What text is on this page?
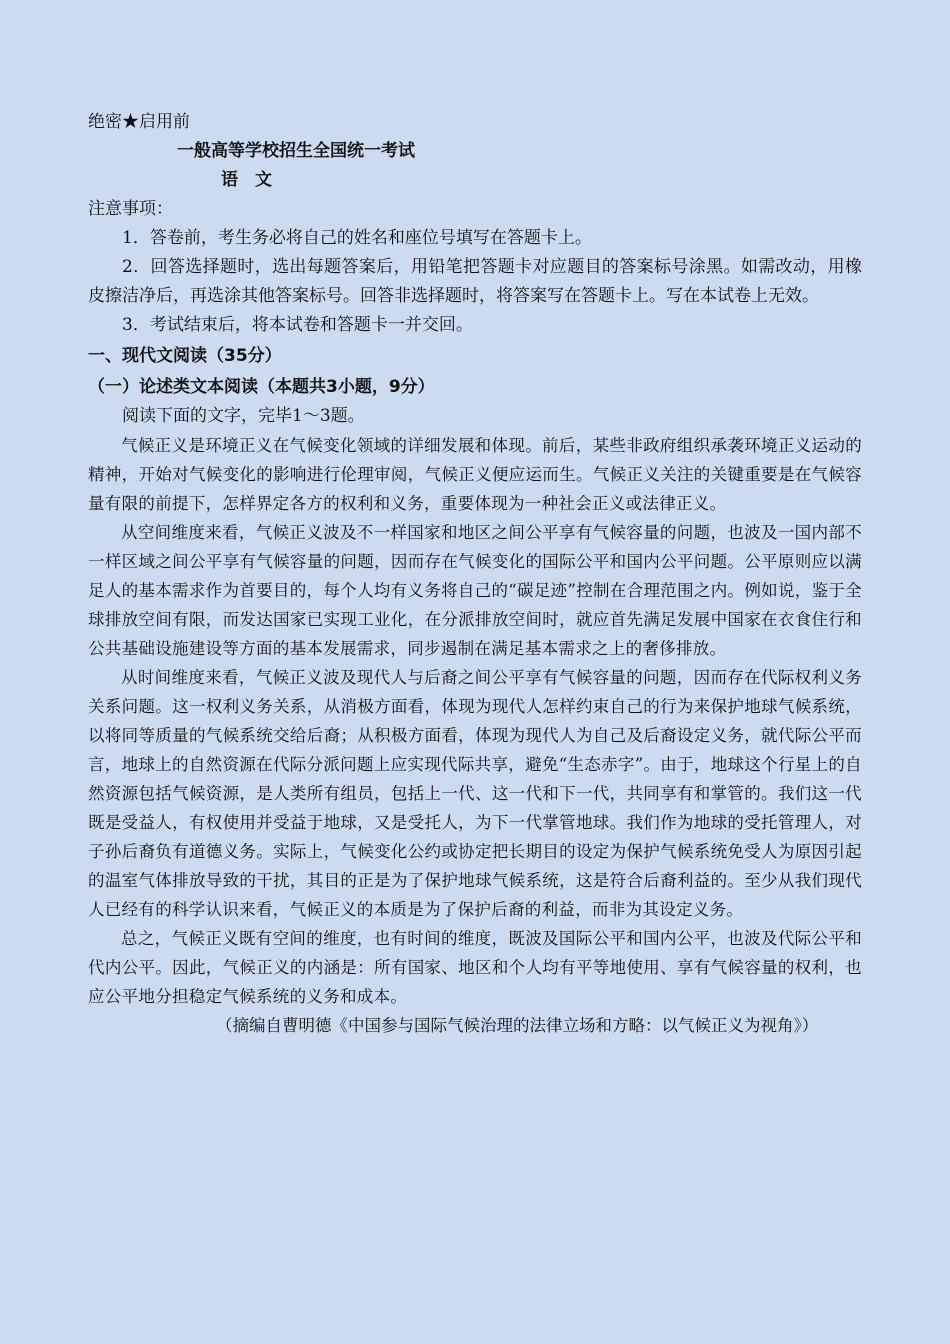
绝密★启用前
一般高等学校招生全国统一考试
语　文
注意事项：

1．答卷前，考生务必将自己的姓名和座位号填写在答题卡上。

2．回答选择题时，选出每题答案后，用铅笔把答题卡对应题目的答案标号涂黑。如需改动，用橡皮擦洁净后，再选涂其他答案标号。回答非选择题时，将答案写在答题卡上。写在本试卷上无效。

3．考试结束后，将本试卷和答题卡一并交回。

一、现代文阅读（35分）
（一）论述类文本阅读（本题共3小题，9分）

阅读下面的文字，完毕1～3题。

气候正义是环境正义在气候变化领域的详细发展和体现。前后，某些非政府组织承袭环境正义运动的精神，开始对气候变化的影响进行伦理审阅，气候正义便应运而生。气候正义关注的关键重要是在气候容量有限的前提下，怎样界定各方的权利和义务，重要体现为一种社会正义或法律正义。

从空间维度来看，气候正义波及不一样国家和地区之间公平享有气候容量的问题，也波及一国内部不一样区域之间公平享有气候容量的问题，因而存在气候变化的国际公平和国内公平问题。公平原则应以满足人的基本需求作为首要目的，每个人均有义务将自己的“碳足迹”控制在合理范围之内。例如说，鉴于全球排放空间有限，而发达国家已实现工业化，在分派排放空间时，就应首先满足发展中国家在衣食住行和公共基础设施建设等方面的基本发展需求，同步遏制在满足基本需求之上的奢侈排放。

从时间维度来看，气候正义波及现代人与后裔之间公平享有气候容量的问题，因而存在代际权利义务关系问题。这一权利义务关系，从消极方面看，体现为现代人怎样约束自己的行为来保护地球气候系统，以将同等质量的气候系统交给后裔；从积极方面看，体现为现代人为自己及后裔设定义务，就代际公平而言，地球上的自然资源在代际分派问题上应实现代际共享，避免“生态赤字”。由于，地球这个行星上的自然资源包括气候资源，是人类所有组员，包括上一代、这一代和下一代，共同享有和掌管的。我们这一代既是受益人，有权使用并受益于地球，又是受托人，为下一代掌管地球。我们作为地球的受托管理人，对子孙后裔负有道德义务。实际上，气候变化公约或协定把长期目的设定为保护气候系统免受人为原因引起的温室气体排放导致的干扰，其目的正是为了保护地球气候系统，这是符合后裔利益的。至少从我们现代人已经有的科学认识来看，气候正义的本质是为了保护后裔的利益，而非为其设定义务。

总之，气候正义既有空间的维度，也有时间的维度，既波及国际公平和国内公平，也波及代际公平和代内公平。因此，气候正义的内涵是：所有国家、地区和个人均有平等地使用、享有气候容量的权利，也应公平地分担稳定气候系统的义务和成本。

（摘编自曹明德《中国参与国际气候治理的法律立场和方略：以气候正义为视角》）
